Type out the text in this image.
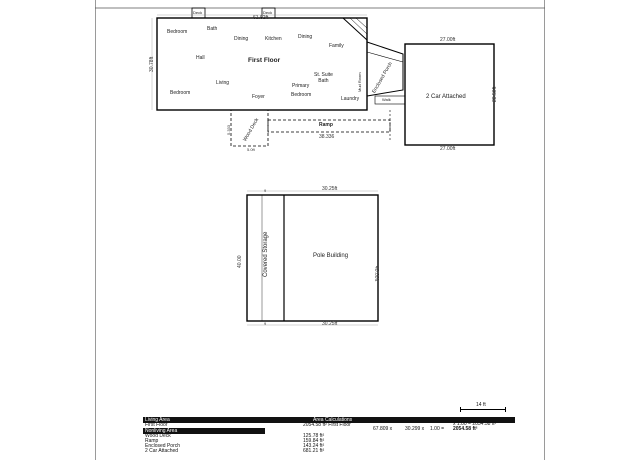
Bedroom	Bath
Dining	Kitchen	Dining
Family
Hall	First Floor
Living
St. Suite
Bath
Primary
Bedroom
Bedroom
Foyer	Laundry
Deck	Deck
Mud Room Enclosed Porch
Walk
Wood Deck	Ramp
61.92ft
30.78ft
38.336
5.333
5.0ft
2 Car Attached
27.00ft
27.00ft
28.50ft
Pole Building
Covered Storage
30.25ft
30.25ft
40.00
40.00ft
9
9
14 ft
Living Area	Area Calculations
First Floor	2054.58 ft² First Floor
67.809 x	30.299 x 1.00 = 2054.58 ft²
x 1.00 = 2054.58 ft²
Nonliving Area
Wood Deck	125.78 ft²
Ramp	159.84 ft²
Enclosed Porch	143.24 ft²
2 Car Attached	681.21 ft²
